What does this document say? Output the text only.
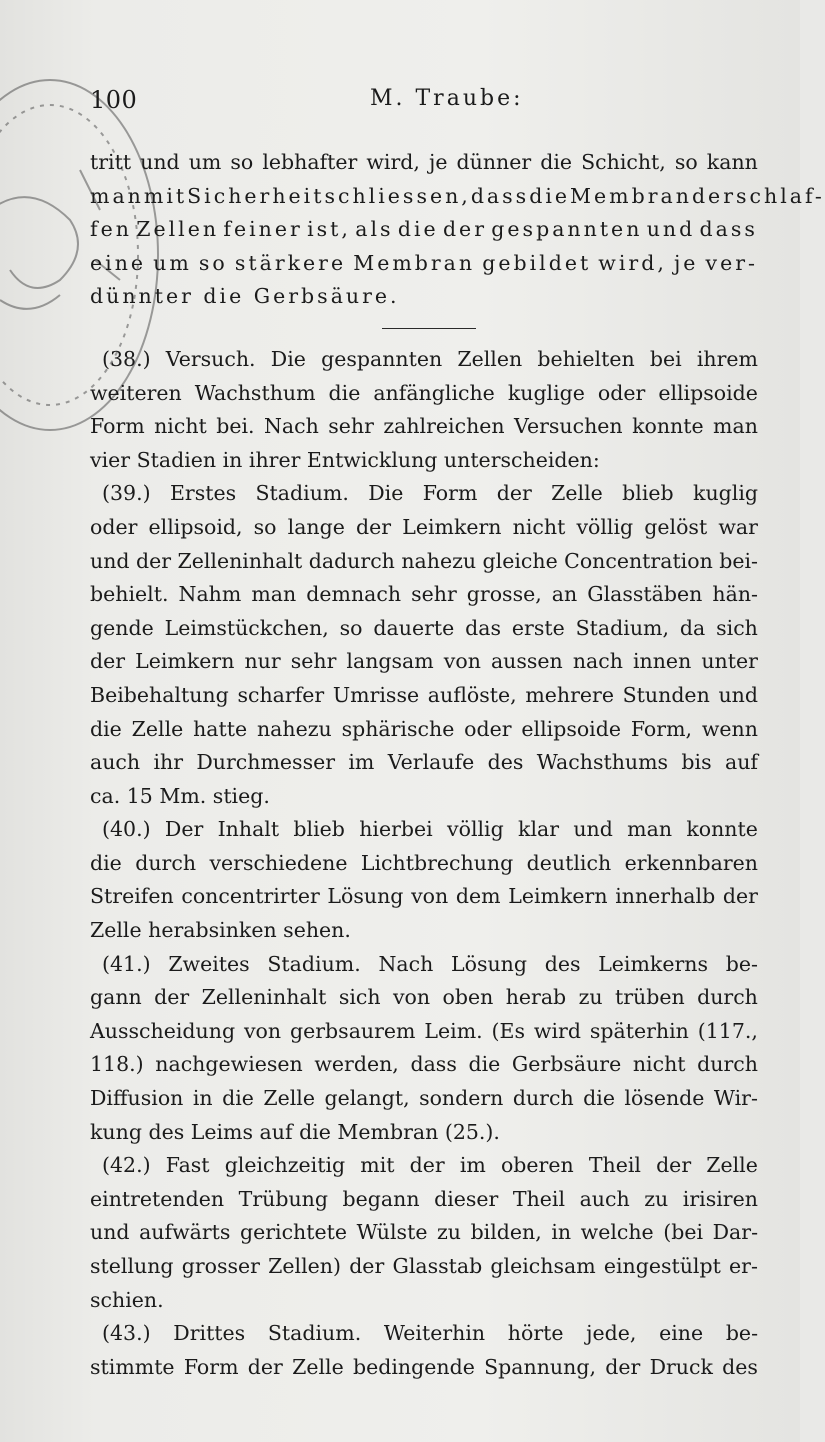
100	M. Traube:
tritt und um so lebhafter wird, je dünner die Schicht, so kann
man mit Sicherheit schliessen, dass die Membran der schlaf-
fen Zellen feiner ist, als die der gespannten und dass
eine um so stärkere Membran gebildet wird, je ver-
dünnter die Gerbsäure.
(38.) Versuch. Die gespannten Zellen behielten bei ihrem
weiteren Wachsthum die anfängliche kuglige oder ellipsoide
Form nicht bei. Nach sehr zahlreichen Versuchen konnte man
vier Stadien in ihrer Entwicklung unterscheiden:
(39.) Erstes Stadium. Die Form der Zelle blieb kuglig
oder ellipsoid, so lange der Leimkern nicht völlig gelöst war
und der Zelleninhalt dadurch nahezu gleiche Concentration bei-
behielt. Nahm man demnach sehr grosse, an Glasstäben hän-
gende Leimstückchen, so dauerte das erste Stadium, da sich
der Leimkern nur sehr langsam von aussen nach innen unter
Beibehaltung scharfer Umrisse auflöste, mehrere Stunden und
die Zelle hatte nahezu sphärische oder ellipsoide Form, wenn
auch ihr Durchmesser im Verlaufe des Wachsthums bis auf
ca. 15 Mm. stieg.
(40.) Der Inhalt blieb hierbei völlig klar und man konnte
die durch verschiedene Lichtbrechung deutlich erkennbaren
Streifen concentrirter Lösung von dem Leimkern innerhalb der
Zelle herabsinken sehen.
(41.) Zweites Stadium. Nach Lösung des Leimkerns be-
gann der Zelleninhalt sich von oben herab zu trüben durch
Ausscheidung von gerbsaurem Leim. (Es wird späterhin (117.,
118.) nachgewiesen werden, dass die Gerbsäure nicht durch
Diffusion in die Zelle gelangt, sondern durch die lösende Wir-
kung des Leims auf die Membran (25.).
(42.) Fast gleichzeitig mit der im oberen Theil der Zelle
eintretenden Trübung begann dieser Theil auch zu irisiren
und aufwärts gerichtete Wülste zu bilden, in welche (bei Dar-
stellung grosser Zellen) der Glasstab gleichsam eingestülpt er-
schien.
(43.) Drittes Stadium. Weiterhin hörte jede, eine be-
stimmte Form der Zelle bedingende Spannung, der Druck des
